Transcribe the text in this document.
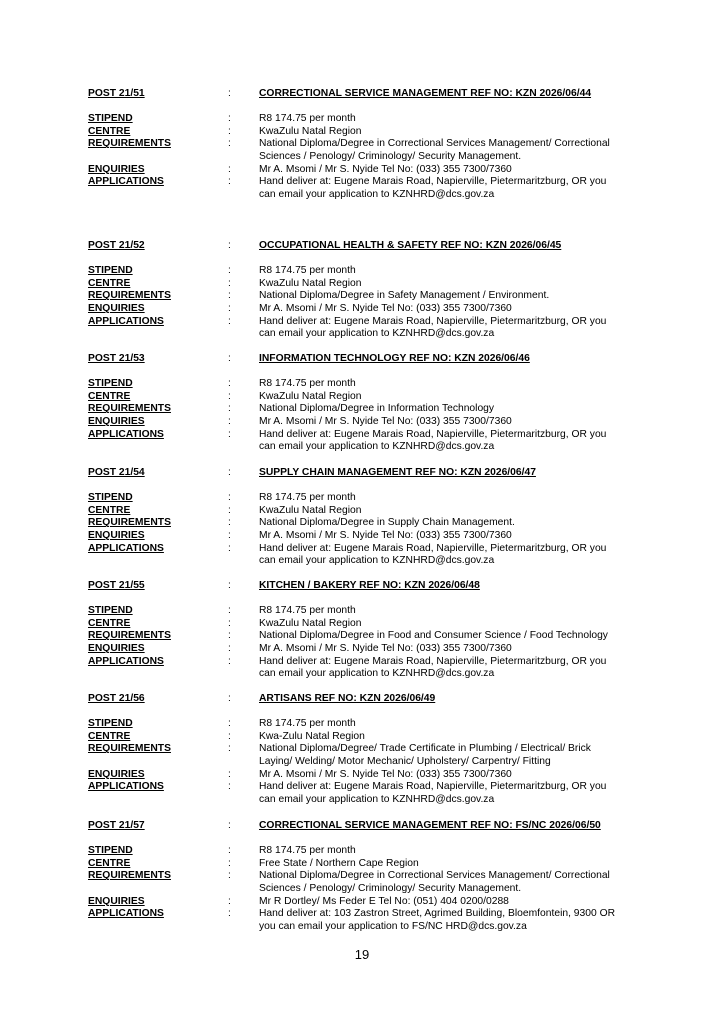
POST 21/51	:	CORRECTIONAL SERVICE MANAGEMENT REF NO: KZN 2026/06/44
STIPEND	:	R8 174.75 per month
CENTRE	:	KwaZulu Natal Region
REQUIREMENTS	:	National Diploma/Degree in Correctional Services Management/ Correctional
Sciences / Penology/ Criminology/ Security Management.
ENQUIRIES	:	Mr A. Msomi / Mr S. Nyide Tel No: (033) 355 7300/7360
APPLICATIONS	:	Hand deliver at: Eugene Marais Road, Napierville, Pietermaritzburg, OR you
can email your application to KZNHRD@dcs.gov.za
POST 21/52	:	OCCUPATIONAL HEALTH & SAFETY REF NO: KZN 2026/06/45
STIPEND	:	R8 174.75 per month
CENTRE	:	KwaZulu Natal Region
REQUIREMENTS	:	National Diploma/Degree in Safety Management / Environment.
ENQUIRIES	:	Mr A. Msomi / Mr S. Nyide Tel No: (033) 355 7300/7360
APPLICATIONS	:	Hand deliver at: Eugene Marais Road, Napierville, Pietermaritzburg, OR you
can email your application to KZNHRD@dcs.gov.za
POST 21/53	:	INFORMATION TECHNOLOGY REF NO: KZN 2026/06/46
STIPEND	:	R8 174.75 per month
CENTRE	:	KwaZulu Natal Region
REQUIREMENTS	:	National Diploma/Degree in Information Technology
ENQUIRIES	:	Mr A. Msomi / Mr S. Nyide Tel No: (033) 355 7300/7360
APPLICATIONS	:	Hand deliver at: Eugene Marais Road, Napierville, Pietermaritzburg, OR you
can email your application to KZNHRD@dcs.gov.za
POST 21/54	:	SUPPLY CHAIN MANAGEMENT REF NO: KZN 2026/06/47
STIPEND	:	R8 174.75 per month
CENTRE	:	KwaZulu Natal Region
REQUIREMENTS	:	National Diploma/Degree in Supply Chain Management.
ENQUIRIES	:	Mr A. Msomi / Mr S. Nyide Tel No: (033) 355 7300/7360
APPLICATIONS	:	Hand deliver at: Eugene Marais Road, Napierville, Pietermaritzburg, OR you
can email your application to KZNHRD@dcs.gov.za
POST 21/55	:	KITCHEN / BAKERY REF NO: KZN 2026/06/48
STIPEND	:	R8 174.75 per month
CENTRE	:	KwaZulu Natal Region
REQUIREMENTS	:	National Diploma/Degree in Food and Consumer Science / Food Technology
ENQUIRIES	:	Mr A. Msomi / Mr S. Nyide Tel No: (033) 355 7300/7360
APPLICATIONS	:	Hand deliver at: Eugene Marais Road, Napierville, Pietermaritzburg, OR you
can email your application to KZNHRD@dcs.gov.za
POST 21/56	:	ARTISANS REF NO: KZN 2026/06/49
STIPEND	:	R8 174.75 per month
CENTRE	:	Kwa-Zulu Natal Region
REQUIREMENTS	:	National Diploma/Degree/ Trade Certificate in Plumbing / Electrical/ Brick
Laying/ Welding/ Motor Mechanic/ Upholstery/ Carpentry/ Fitting
ENQUIRIES	:	Mr A. Msomi / Mr S. Nyide Tel No: (033) 355 7300/7360
APPLICATIONS	:	Hand deliver at: Eugene Marais Road, Napierville, Pietermaritzburg, OR you
can email your application to KZNHRD@dcs.gov.za
POST 21/57	:	CORRECTIONAL SERVICE MANAGEMENT REF NO: FS/NC 2026/06/50
STIPEND	:	R8 174.75 per month
CENTRE	:	Free State / Northern Cape Region
REQUIREMENTS	:	National Diploma/Degree in Correctional Services Management/ Correctional
Sciences / Penology/ Criminology/ Security Management.
ENQUIRIES	:	Mr R Dortley/ Ms Feder E Tel No: (051) 404 0200/0288
APPLICATIONS	:	Hand deliver at: 103 Zastron Street, Agrimed Building, Bloemfontein, 9300 OR
you can email your application to FS/NC HRD@dcs.gov.za
19
